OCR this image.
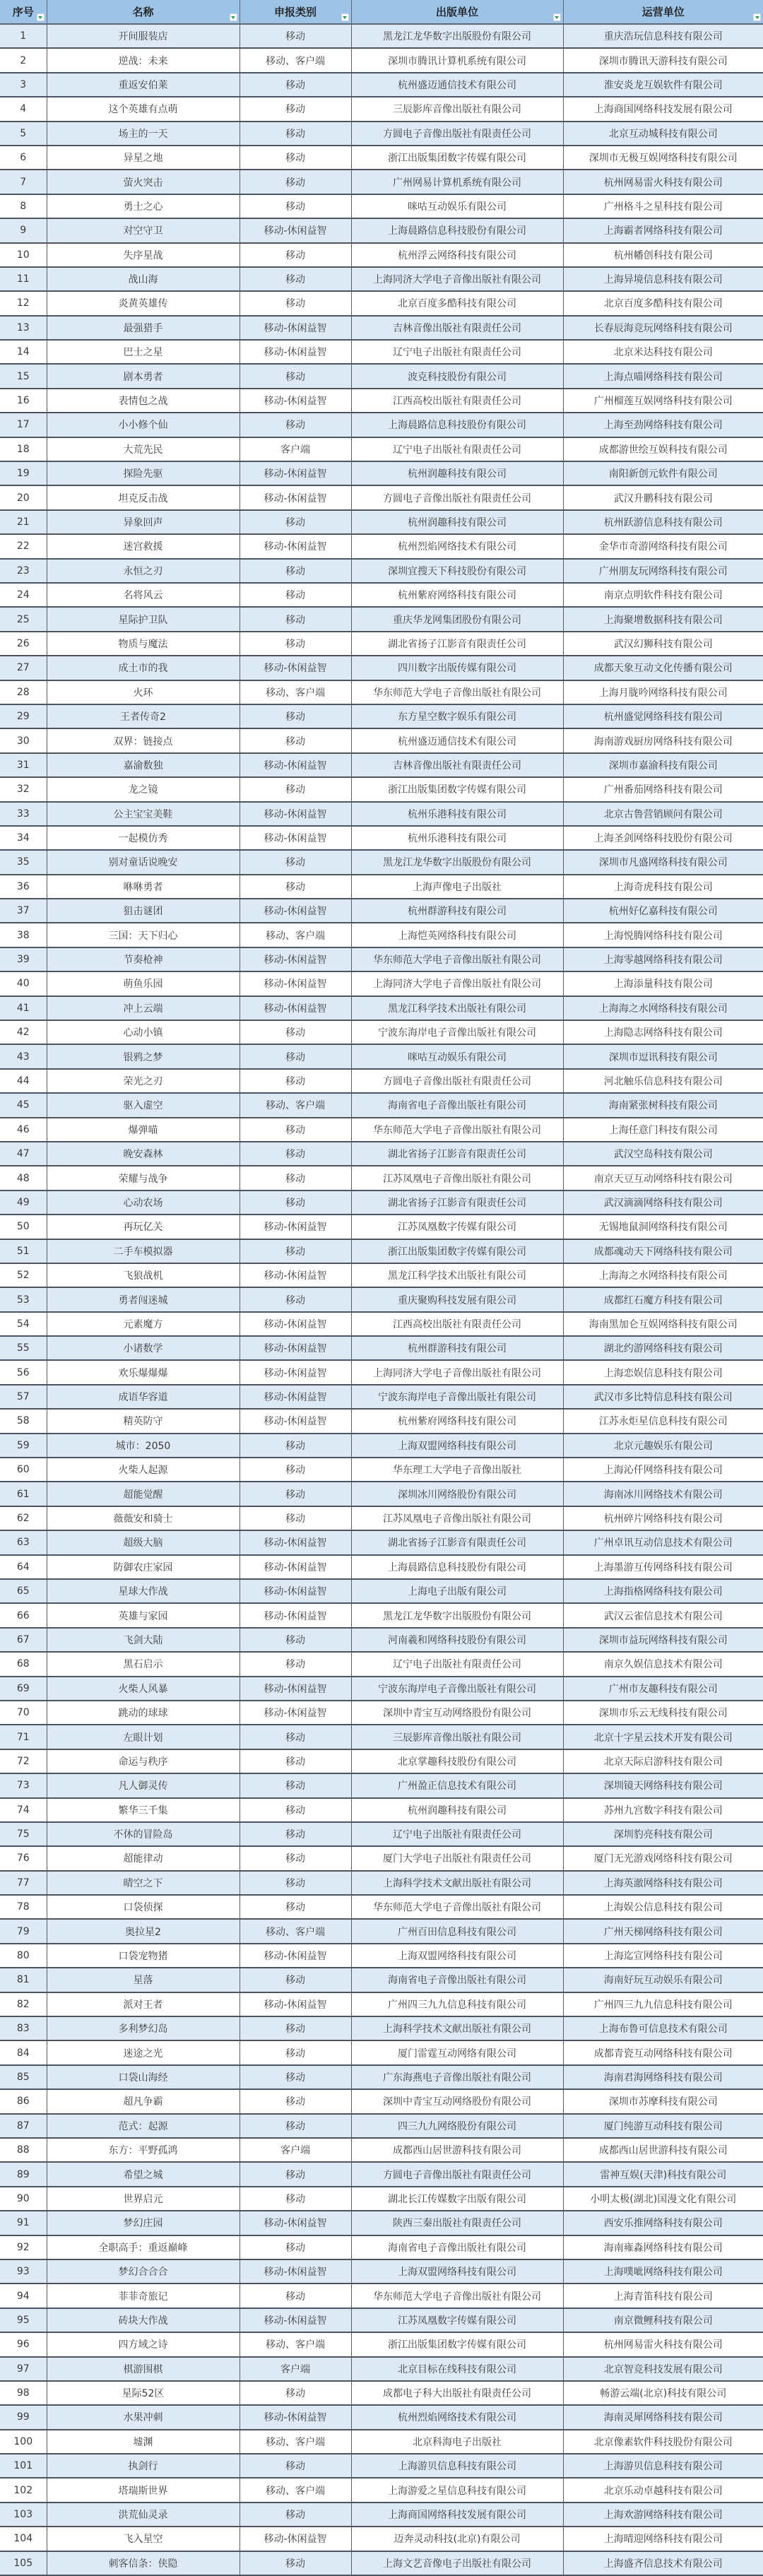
序号	名称	申报类别	出版单位	运营单位

1	开间服装店	移动	黑龙江龙华数字出版股份有限公司	重庆浩玩信息科技有限公司
2	逆战：未来	移动、客户端	深圳市腾讯计算机系统有限公司	深圳市腾讯天游科技有限公司
3	重返安伯莱	移动	杭州盛迈通信技术有限公司	淮安炎龙互娱软件有限公司
4	这个英雄有点萌	移动	三辰影库音像出版社有限公司	上海商国网络科技发展有限公司
5	场主的一天	移动	方圆电子音像出版社有限责任公司	北京互动城科技有限公司
6	异星之地	移动	浙江出版集团数字传媒有限公司	深圳市无极互娱网络科技有限公司
7	萤火突击	移动	广州网易计算机系统有限公司	杭州网易雷火科技有限公司
8	勇士之心	移动	咪咕互动娱乐有限公司	广州格斗之星科技有限公司
9	对空守卫	移动-休闲益智	上海晨路信息科技股份有限公司	上海霸者网络科技有限公司
10	失序星战	移动	杭州浮云网络科技有限公司	杭州幡创科技有限公司
11	战山海	移动	上海同济大学电子音像出版社有限公司	上海异境信息科技有限公司
12	炎黄英雄传	移动	北京百度多酷科技有限公司	北京百度多酷科技有限公司
13	最强猎手	移动-休闲益智	吉林音像出版社有限责任公司	长春辰海竞玩网络科技有限公司
14	巴士之星	移动-休闲益智	辽宁电子出版社有限责任公司	北京米达科技有限公司
15	剧本勇者	移动	波克科技股份有限公司	上海点喵网络科技有限公司
16	表情包之战	移动-休闲益智	江西高校出版社有限责任公司	广州榴莲互娱网络科技有限公司
17	小小修个仙	移动	上海晨路信息科技股份有限公司	上海至劲网络科技有限公司
18	大荒先民	客户端	辽宁电子出版社有限责任公司	成都游世绘互娱科技有限公司
19	探险先驱	移动-休闲益智	杭州润趣科技有限公司	南阳新创元软件有限公司
20	坦克反击战	移动-休闲益智	方圆电子音像出版社有限责任公司	武汉升鹏科技有限公司
21	异象回声	移动	杭州润趣科技有限公司	杭州跃游信息科技有限公司
22	迷宫救援	移动-休闲益智	杭州烈焰网络技术有限公司	金华市奇游网络科技有限公司
23	永恒之刃	移动	深圳宜搜天下科技股份有限公司	广州朋友玩网络科技有限公司
24	名将风云	移动	杭州紫府网络科技有限公司	南京点明软件科技有限公司
25	星际护卫队	移动	重庆华龙网集团股份有限公司	上海聚增数据科技有限公司
26	物质与魔法	移动	湖北省扬子江影音有限责任公司	武汉幻狮科技有限公司
27	成土市的我	移动-休闲益智	四川数字出版传媒有限公司	成都天象互动文化传播有限公司
28	火环	移动、客户端	华东师范大学电子音像出版社有限公司	上海月胧吟网络科技有限公司
29	王者传奇2	移动	东方星空数字娱乐有限公司	杭州盛觉网络科技有限公司
30	双界：链接点	移动	杭州盛迈通信技术有限公司	海南游戏厨房网络科技有限公司
31	嘉渝数独	移动-休闲益智	吉林音像出版社有限责任公司	深圳市嘉渝科技有限公司
32	龙之镜	移动	浙江出版集团数字传媒有限公司	广州番茄网络科技有限公司
33	公主宝宝美鞋	移动-休闲益智	杭州乐港科技有限公司	北京古鲁营销顾问有限公司
34	一起模仿秀	移动-休闲益智	杭州乐港科技有限公司	上海圣剑网络科技股份有限公司
35	别对童话说晚安	移动	黑龙江龙华数字出版股份有限公司	深圳市凡盛网络科技有限公司
36	咻咻勇者	移动	上海声像电子出版社	上海奇虎科技有限公司
37	狙击谜团	移动-休闲益智	杭州群游科技有限公司	杭州好亿嘉科技有限公司
38	三国：天下归心	移动、客户端	上海恺英网络科技有限公司	上海悦腾网络科技有限公司
39	节奏枪神	移动-休闲益智	华东师范大学电子音像出版社有限公司	上海零越网络科技有限公司
40	萌鱼乐园	移动-休闲益智	上海同济大学电子音像出版社有限公司	上海添量科技有限公司
41	冲上云端	移动-休闲益智	黑龙江科学技术出版社有限公司	上海海之水网络科技有限公司
42	心动小镇	移动	宁波东海岸电子音像出版社有限公司	上海隐志网络科技有限公司
43	银鸦之梦	移动	咪咕互动娱乐有限公司	深圳市逗讯科技有限公司
44	荣光之刃	移动	方圆电子音像出版社有限责任公司	河北触乐信息科技有限公司
45	驱入虚空	移动、客户端	海南省电子音像出版社有限公司	海南紧张树科技有限公司
46	爆弹喵	移动	华东师范大学电子音像出版社有限公司	上海任意门科技有限公司
47	晚安森林	移动	湖北省扬子江影音有限责任公司	武汉空岛科技有限公司
48	荣耀与战争	移动	江苏凤凰电子音像出版社有限公司	南京天豆互动网络科技有限公司
49	心动农场	移动	湖北省扬子江影音有限责任公司	武汉滴滴网络科技有限公司
50	再玩亿关	移动-休闲益智	江苏凤凰数字传媒有限公司	无锡地鼠洞网络科技有限公司
51	二手车模拟器	移动	浙江出版集团数字传媒有限公司	成都魂动天下网络科技有限公司
52	飞狼战机	移动-休闲益智	黑龙江科学技术出版社有限公司	上海海之水网络科技有限公司
53	勇者闯迷城	移动	重庆聚购科技发展有限公司	成都红石魔方科技有限公司
54	元素魔方	移动-休闲益智	江西高校出版社有限责任公司	海南黑加仑互娱网络科技有限公司
55	小诸数学	移动-休闲益智	杭州群游科技有限公司	湖北约游网络科技有限公司
56	欢乐爆爆爆	移动-休闲益智	上海同济大学电子音像出版社有限公司	上海恋娱信息科技有限公司
57	成语华容道	移动-休闲益智	宁波东海岸电子音像出版社有限公司	武汉市多比特信息科技有限公司
58	精英防守	移动-休闲益智	杭州紫府网络科技有限公司	江苏永炬星信息科技有限公司
59	城市：2050	移动	上海双盟网络科技有限公司	北京元趣娱乐有限公司
60	火柴人起源	移动	华东理工大学电子音像出版社	上海沁仟网络科技有限公司
61	超能觉醒	移动	深圳冰川网络股份有限公司	海南冰川网络技术有限公司
62	薇薇安和骑士	移动	江苏凤凰电子音像出版社有限公司	杭州碎片网络科技有限公司
63	超级大脑	移动-休闲益智	湖北省扬子江影音有限责任公司	广州卓讯互动信息技术有限公司
64	防御农庄家园	移动-休闲益智	上海晨路信息科技股份有限公司	上海墨游互传网络科技有限公司
65	星球大作战	移动-休闲益智	上海电子出版有限公司	上海指格网络科技有限公司
66	英雄与家园	移动-休闲益智	黑龙江龙华数字出版股份有限公司	武汉云雀信息技术有限公司
67	飞剑大陆	移动	河南羲和网络科技股份有限公司	深圳市益玩网络科技有限公司
68	黑石启示	移动	辽宁电子出版社有限责任公司	南京久娱信息技术有限公司
69	火柴人风暴	移动-休闲益智	宁波东海岸电子音像出版社有限公司	广州市友趣科技有限公司
70	跳动的球球	移动-休闲益智	深圳中青宝互动网络股份有限公司	深圳市乐云无线科技有限公司
71	左眼计划	移动	三辰影库音像出版社有限公司	北京十字星云技术开发有限公司
72	命运与秩序	移动	北京掌趣科技股份有限公司	北京天际启游科技有限公司
73	凡人御灵传	移动	广州盈正信息技术有限公司	深圳镜天网络科技有限公司
74	繁华三千集	移动	杭州润趣科技有限公司	苏州九宫数字科技有限公司
75	不休的冒险岛	移动	辽宁电子出版社有限责任公司	深圳豹亮科技有限公司
76	超能律动	移动	厦门大学电子出版社有限责任公司	厦门无光游戏网络科技有限公司
77	晴空之下	移动	上海科学技术文献出版社有限公司	上海英澈网络科技有限公司
78	口袋侦探	移动	华东师范大学电子音像出版社有限公司	上海娱公信息科技有限公司
79	奥拉星2	移动、客户端	广州百田信息科技有限公司	广州天梯网络科技有限公司
80	口袋宠物猪	移动-休闲益智	上海双盟网络科技有限公司	上海迄宣网络科技有限公司
81	星落	移动	海南省电子音像出版社有限公司	海南好玩互动娱乐有限公司
82	派对王者	移动-休闲益智	广州四三九九信息科技有限公司	广州四三九九信息科技有限公司
83	多利梦幻岛	移动	上海科学技术文献出版社有限公司	上海布鲁可信息技术有限公司
84	迷途之光	移动	厦门雷霆互动网络有限公司	成都青瓷互动网络科技有限公司
85	口袋山海经	移动	广东海燕电子音像出版社有限公司	海南君海网络科技有限公司
86	超凡争霸	移动	深圳中青宝互动网络股份有限公司	深圳市苏摩科技有限公司
87	范式：起源	移动	四三九九网络股份有限公司	厦门纯游互动科技有限公司
88	东方：平野孤鸿	客户端	成都西山居世游科技有限公司	成都西山居世游科技有限公司
89	希望之城	移动	方圆电子音像出版社有限责任公司	雷神互娱(天津)科技有限公司
90	世界启元	移动	湖北长江传媒数字出版有限公司	小明太极(湖北)国漫文化有限公司
91	梦幻庄园	移动-休闲益智	陕西三秦出版社有限责任公司	西安乐推网络科技有限公司
92	全职高手：重返巅峰	移动	海南省电子音像出版社有限公司	海南雍淼网络科技有限公司
93	梦幻合合合	移动-休闲益智	上海双盟网络科技有限公司	上海噗呲网络科技有限公司
94	菲菲奇旅记	移动	华东师范大学电子音像出版社有限公司	上海青笛科技有限公司
95	砖块大作战	移动-休闲益智	江苏凤凰数字传媒有限公司	南京微鲤科技有限公司
96	四方域之诗	移动、客户端	浙江出版集团数字传媒有限公司	杭州网易雷火科技有限公司
97	棋游围棋	客户端	北京目标在线科技有限公司	北京智竞科技发展有限公司
98	星际52区	移动	成都电子科大出版社有限责任公司	畅游云端(北京)科技有限公司
99	水果冲刺	移动-休闲益智	杭州烈焰网络技术有限公司	海南灵犀网络科技有限公司
100	墟渊	移动、客户端	北京科海电子出版社	北京像素软件科技股份有限公司
101	执剑行	移动	上海游贝信息科技有限公司	上海游贝信息科技有限公司
102	塔瑞斯世界	移动、客户端	上海游爱之星信息科技有限公司	北京乐动卓越科技有限公司
103	洪荒仙灵录	移动	上海商国网络科技发展有限公司	上海欢游网络科技有限公司
104	飞入星空	移动-休闲益智	迈奔灵动科技(北京)有限公司	上海晴迎网络科技有限公司
105	刺客信条：侠隐	移动	上海文艺音像电子出版社有限公司	上海盛齐信息技术有限公司
